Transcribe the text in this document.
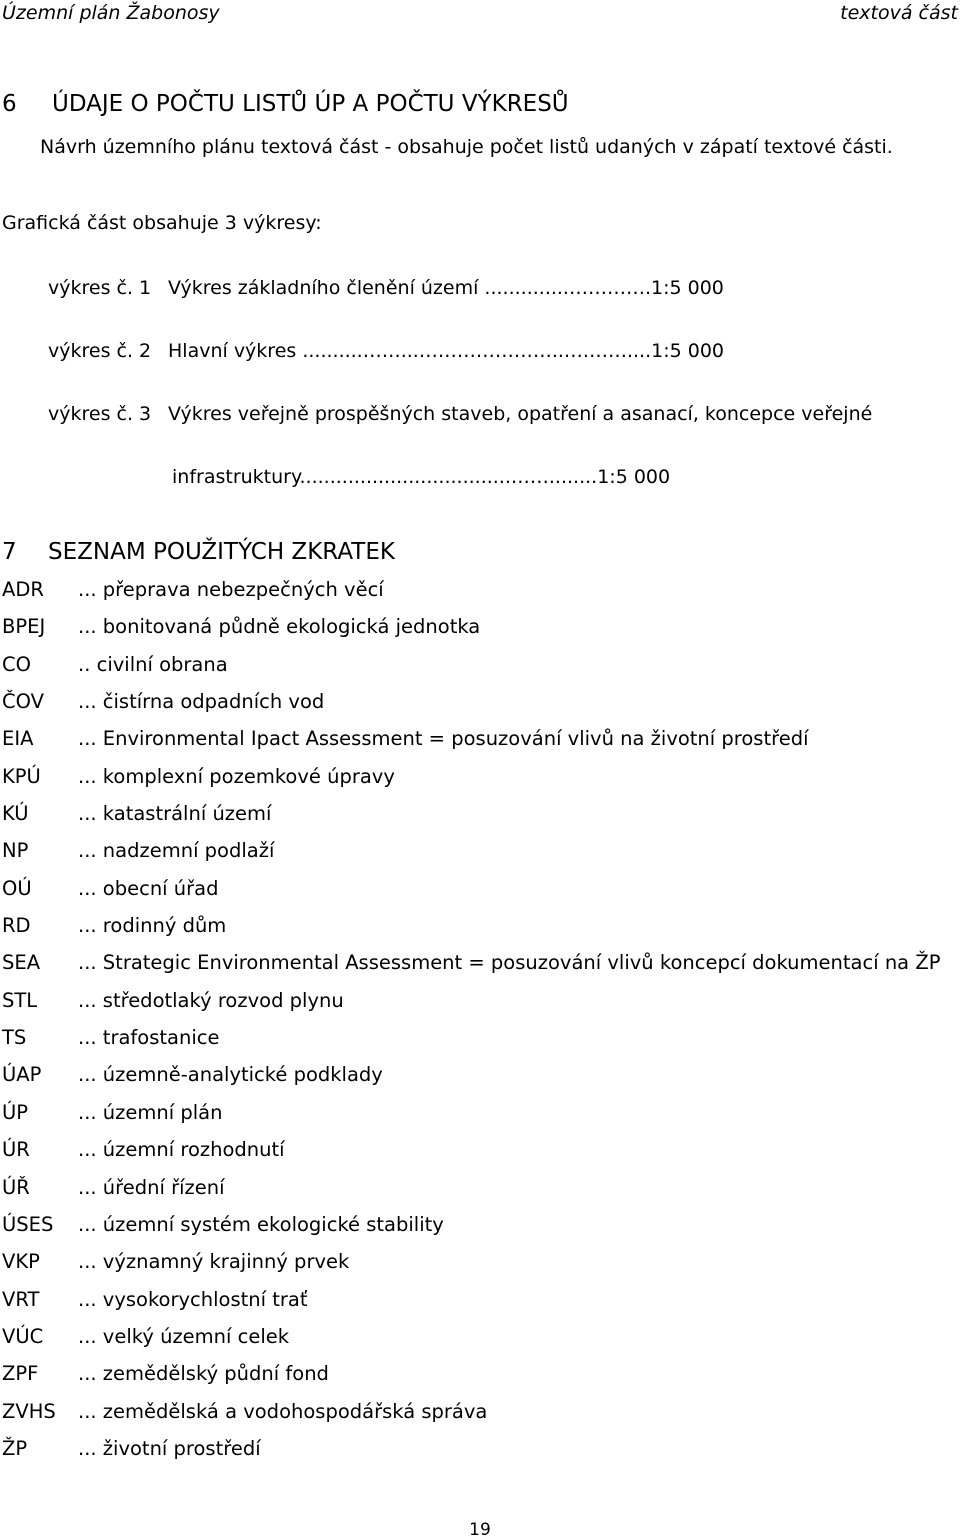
Územní plán Žabonosy	textová část
6 ÚDAJE O POČTU LISTŮ ÚP A POČTU VÝKRESŮ
Návrh územního plánu textová část - obsahuje počet listů udaných v zápatí textové části.
Grafická část obsahuje 3 výkresy:
výkres č. 1 Výkres základního členění území ..............………….1:5 000
výkres č. 2 Hlavní výkres ..........……...…………………..….……....1:5 000
výkres č. 3 Výkres veřejně prospěšných staveb, opatření a asanací, koncepce veřejné
infrastruktury...................................……........1:5 000
7 SEZNAM POUŽITÝCH ZKRATEK
ADR	... přeprava nebezpečných věcí
BPEJ	... bonitovaná půdně ekologická jednotka
CO	.. civilní obrana
ČOV	... čistírna odpadních vod
EIA	... Environmental Ipact Assessment = posuzování vlivů na životní prostředí
KPÚ	... komplexní pozemkové úpravy
KÚ	... katastrální území
NP	... nadzemní podlaží
OÚ	... obecní úřad
RD	... rodinný dům
SEA	... Strategic Environmental Assessment = posuzování vlivů koncepcí dokumentací na ŽP
STL	... středotlaký rozvod plynu
TS	... trafostanice
ÚAP	... územně-analytické podklady
ÚP	... územní plán
ÚR	... územní rozhodnutí
ÚŘ	... úřední řízení
ÚSES	... územní systém ekologické stability
VKP	... významný krajinný prvek
VRT	... vysokorychlostní trať
VÚC	... velký územní celek
ZPF	... zemědělský půdní fond
ZVHS	... zemědělská a vodohospodářská správa
ŽP	... životní prostředí
19
